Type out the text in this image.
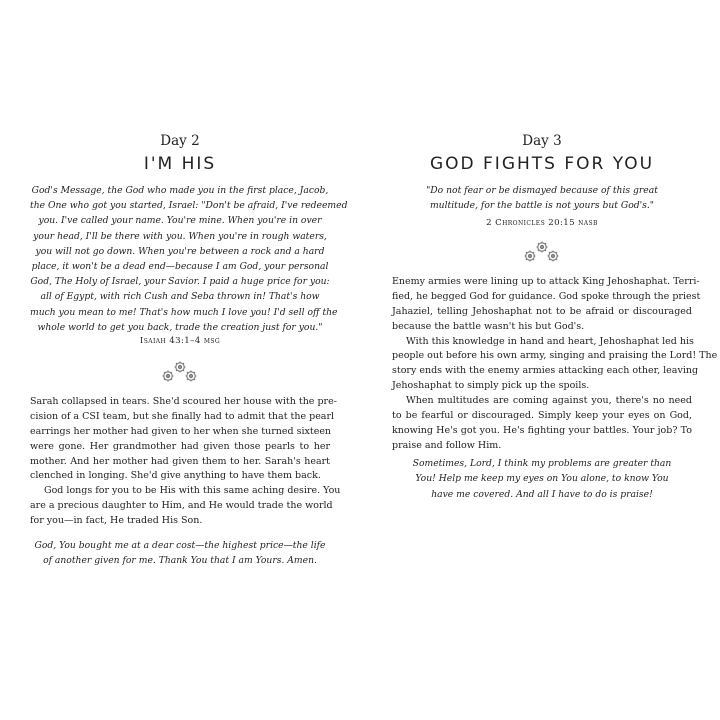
Day 2
I'M HIS
God's Message, the God who made you in the first place, Jacob,
the One who got you started, Israel: "Don't be afraid, I've redeemed
you. I've called your name. You're mine. When you're in over
your head, I'll be there with you. When you're in rough waters,
you will not go down. When you're between a rock and a hard
place, it won't be a dead end—because I am God, your personal
God, The Holy of Israel, your Savior. I paid a huge price for you:
all of Egypt, with rich Cush and Seba thrown in! That's how
much you mean to me! That's how much I love you! I'd sell off the
whole world to get you back, trade the creation just for you."
Isaiah 43:1–4 msg
Sarah collapsed in tears. She'd scoured her house with the pre-
cision of a CSI team, but she finally had to admit that the pearl
earrings her mother had given to her when she turned sixteen
were gone. Her grandmother had given those pearls to her
mother. And her mother had given them to her. Sarah's heart
clenched in longing. She'd give anything to have them back.
God longs for you to be His with this same aching desire. You
are a precious daughter to Him, and He would trade the world
for you—in fact, He traded His Son.
God, You bought me at a dear cost—the highest price—the life
of another given for me. Thank You that I am Yours. Amen.
Day 3
GOD FIGHTS FOR YOU
"Do not fear or be dismayed because of this great
multitude, for the battle is not yours but God's."
2 Chronicles 20:15 nasb
Enemy armies were lining up to attack King Jehoshaphat. Terri-
fied, he begged God for guidance. God spoke through the priest
Jahaziel, telling Jehoshaphat not to be afraid or discouraged
because the battle wasn't his but God's.
With this knowledge in hand and heart, Jehoshaphat led his
people out before his own army, singing and praising the Lord! The
story ends with the enemy armies attacking each other, leaving
Jehoshaphat to simply pick up the spoils.
When multitudes are coming against you, there's no need
to be fearful or discouraged. Simply keep your eyes on God,
knowing He's got you. He's fighting your battles. Your job? To
praise and follow Him.
Sometimes, Lord, I think my problems are greater than
You! Help me keep my eyes on You alone, to know You
have me covered. And all I have to do is praise!
